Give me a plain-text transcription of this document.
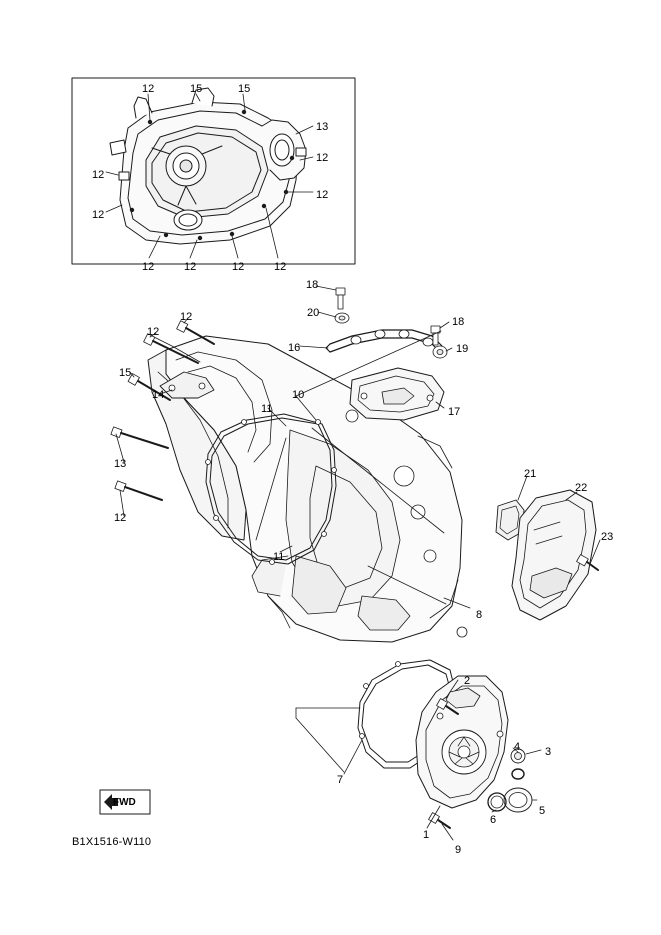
12	15	15
13
12
12
12
12
12	12	12	12
18
20
18
16	19
12
12
15
14	10
11	17
13
12
21
22
23
11
8
2
4 3
7
5
6
1
9
FWD
B1X1516-W110
